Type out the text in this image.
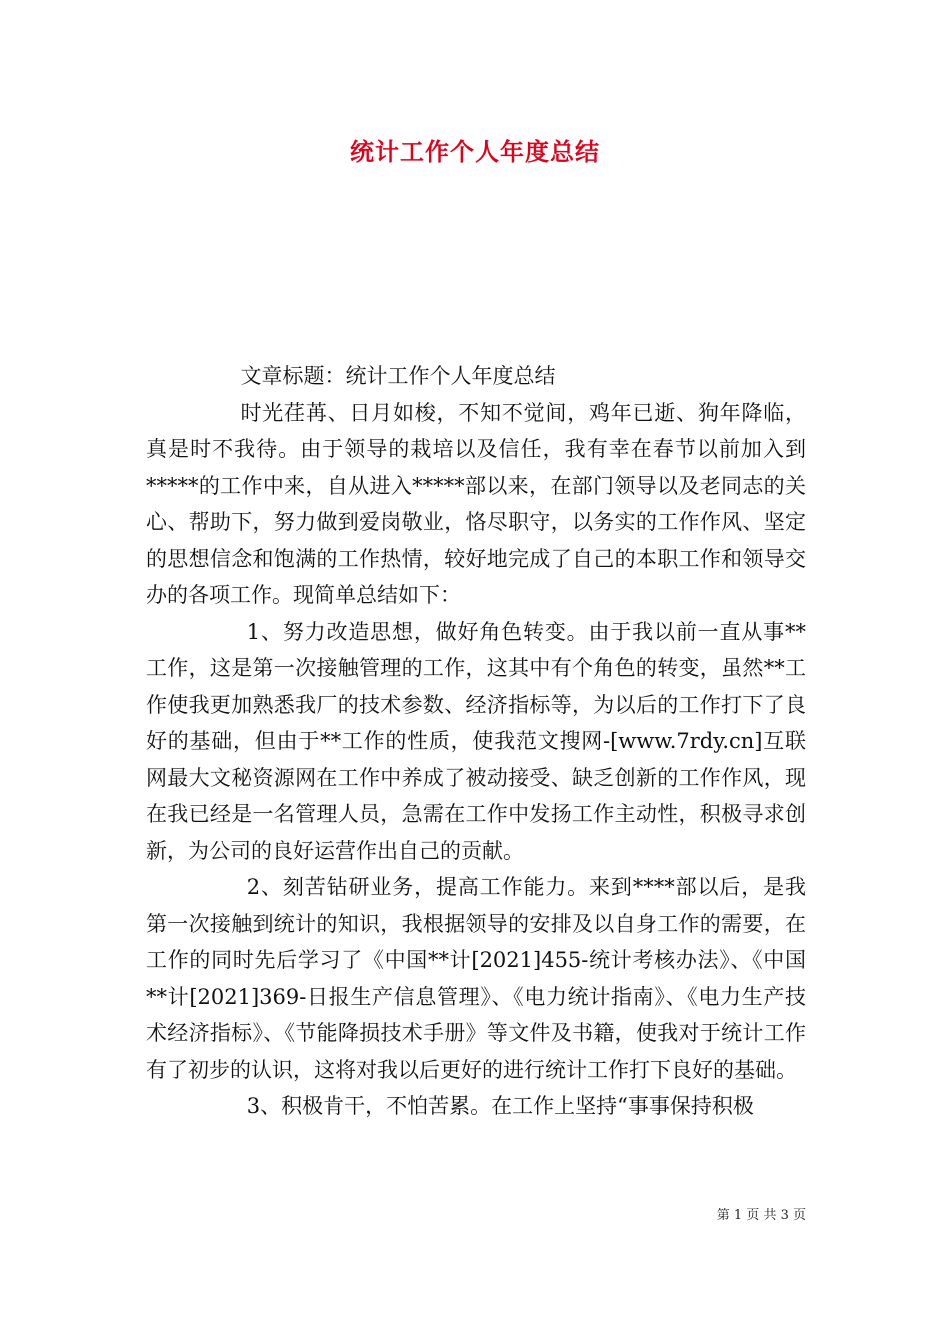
统计工作个人年度总结

文章标题：统计工作个人年度总结

时光荏苒、日月如梭，不知不觉间，鸡年已逝、狗年降临，真是时不我待。由于领导的栽培以及信任，我有幸在春节以前加入到*****的工作中来，自从进入*****部以来，在部门领导以及老同志的关心、帮助下，努力做到爱岗敬业，恪尽职守，以务实的工作作风、坚定的思想信念和饱满的工作热情，较好地完成了自己的本职工作和领导交办的各项工作。现简单总结如下：

1、努力改造思想，做好角色转变。由于我以前一直从事**工作，这是第一次接触管理的工作，这其中有个角色的转变，虽然**工作使我更加熟悉我厂的技术参数、经济指标等，为以后的工作打下了良好的基础，但由于**工作的性质，使我范文搜网-[www.7rdy.cn]互联网最大文秘资源网在工作中养成了被动接受、缺乏创新的工作作风，现在我已经是一名管理人员，急需在工作中发扬工作主动性，积极寻求创新，为公司的良好运营作出自己的贡献。

2、刻苦钻研业务，提高工作能力。来到****部以后，是我第一次接触到统计的知识，我根据领导的安排及以自身工作的需要，在工作的同时先后学习了《中国**计[2021]455-统计考核办法》、《中国**计[2021]369-日报生产信息管理》、《电力统计指南》、《电力生产技术经济指标》、《节能降损技术手册》等文件及书籍，使我对于统计工作有了初步的认识，这将对我以后更好的进行统计工作打下良好的基础。

3、积极肯干，不怕苦累。在工作上坚持“事事保持积极

第 1 页 共 3 页
